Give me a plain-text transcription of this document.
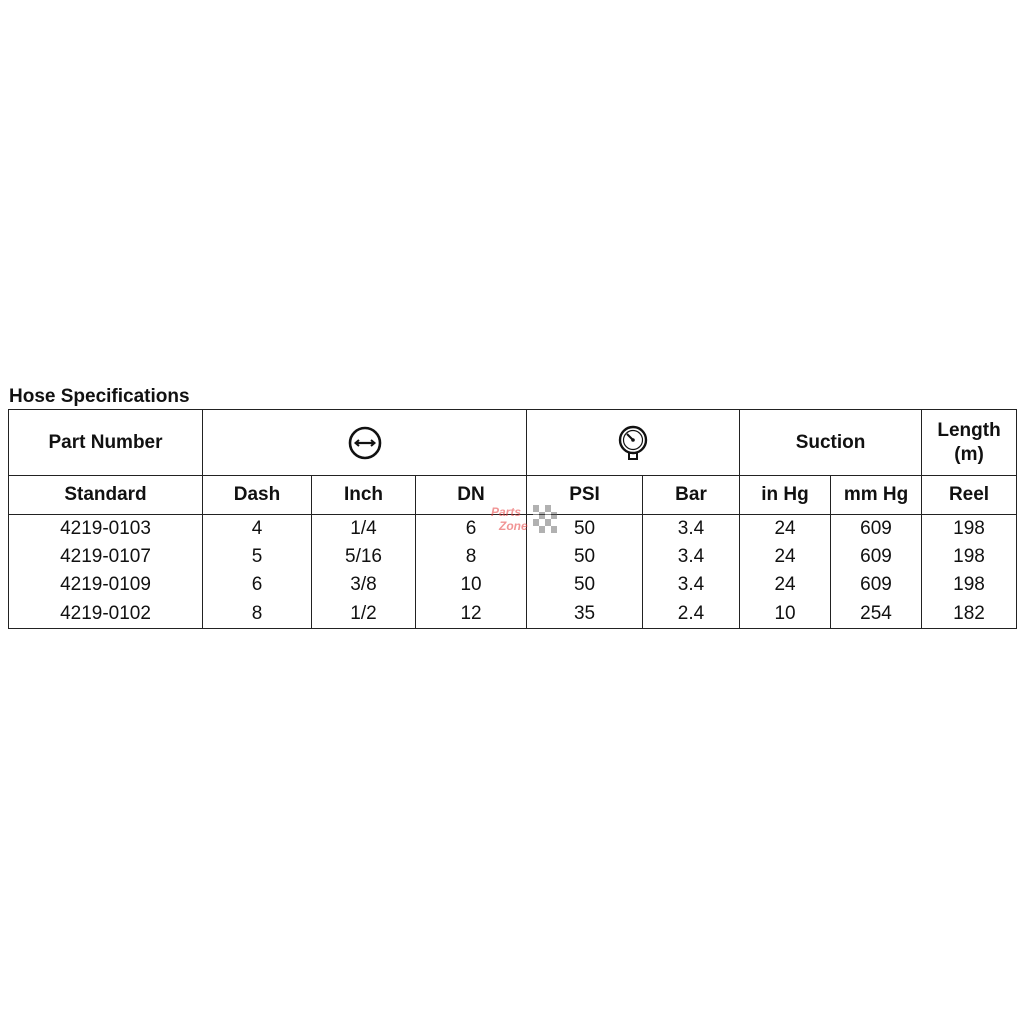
Hose Specifications
Part Number						Suction		Length (m)
Standard	Dash	Inch	DN	PSI	Bar	in Hg	mm Hg	Reel
4219-0103	4	1/4	6	50	3.4	24	609	198
4219-0107	5	5/16	8	50	3.4	24	609	198
4219-0109	6	3/8	10	50	3.4	24	609	198
4219-0102	8	1/2	12	35	2.4	10	254	182
Parts
Zone
